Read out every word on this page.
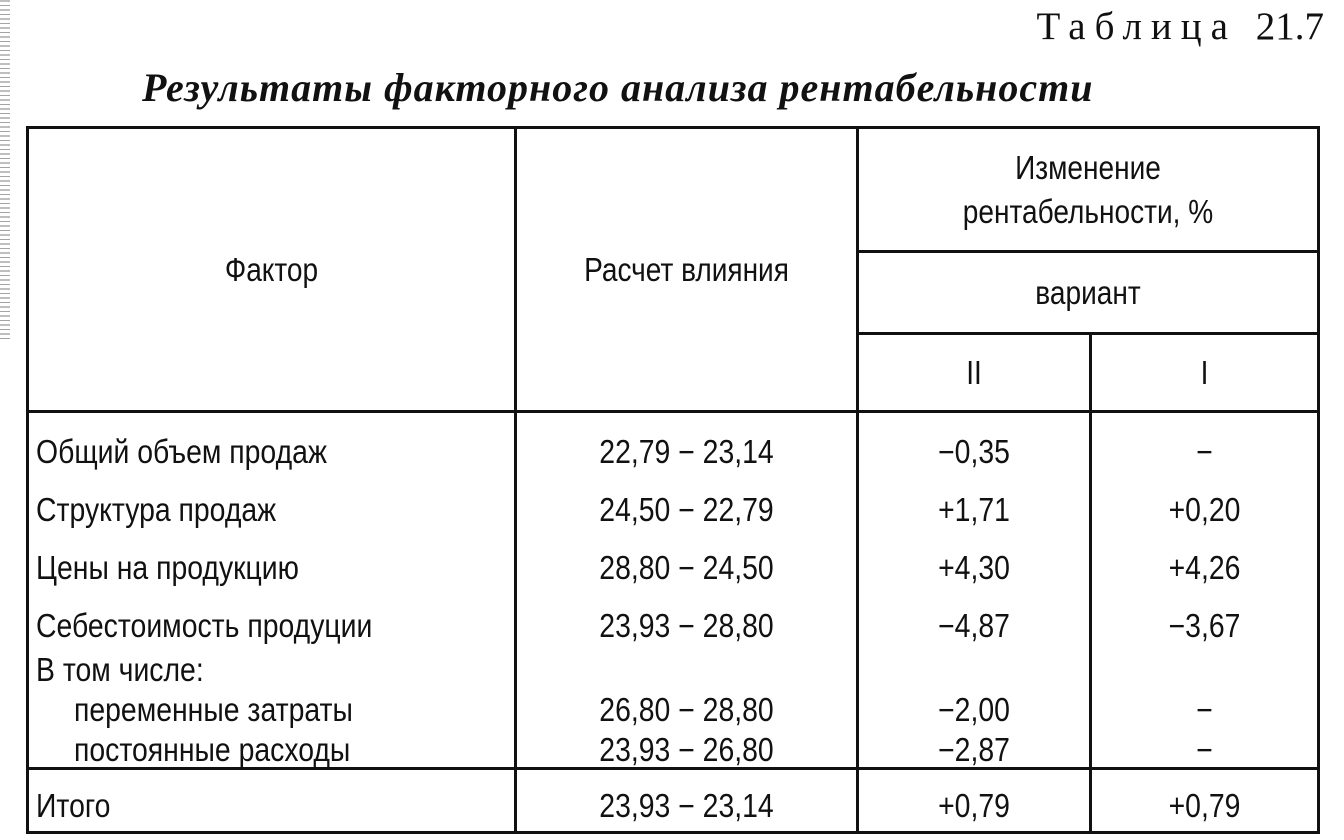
Таблица 21.7
Результаты факторного анализа рентабельности
Фактор	Расчет влияния
Изменение
рентабельности, %
вариант
II	I
Общий объем продаж	22,79 − 23,14	−0,35	−
Структура продаж	24,50 − 22,79	+1,71	+0,20
Цены на продукцию	28,80 − 24,50	+4,30	+4,26
Себестоимость продуции	23,93 − 28,80	−4,87	−3,67
В том числе:
переменные затраты	26,80 − 28,80	−2,00	−
постоянные расходы	23,93 − 26,80	−2,87	−
Итого	23,93 − 23,14	+0,79	+0,79
